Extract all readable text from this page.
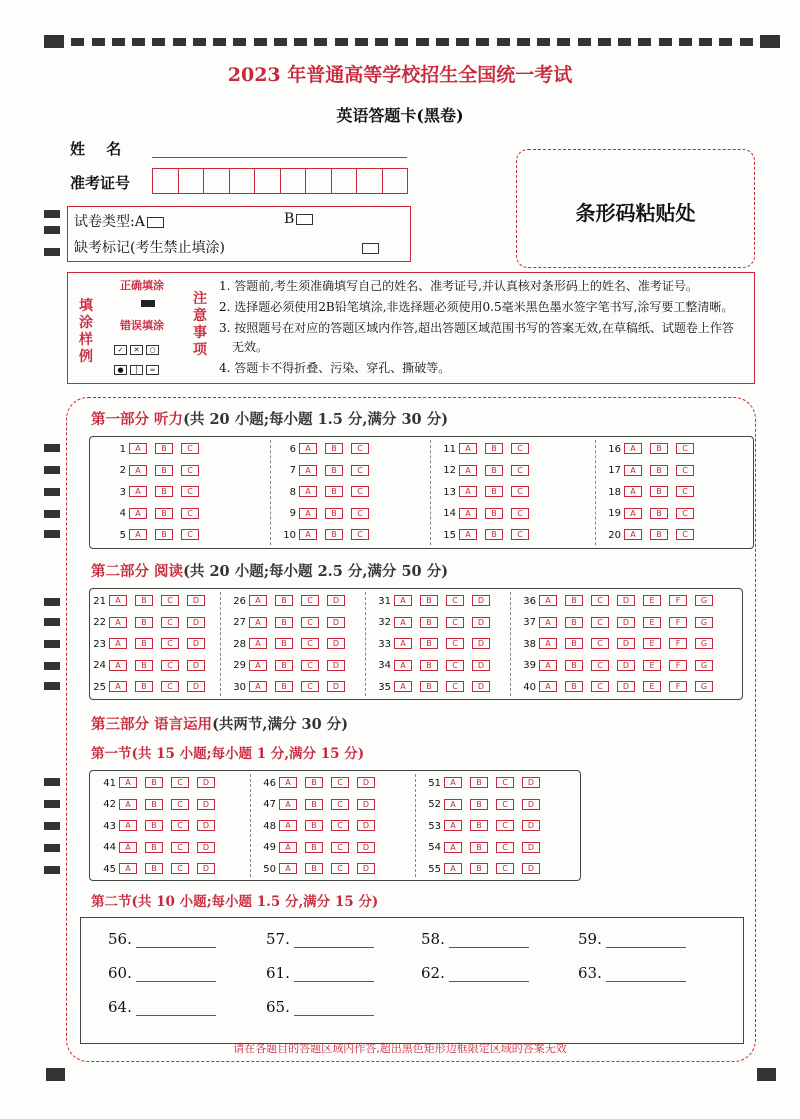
2023 年普通高等学校招生全国统一考试
英语答题卡(黑卷)
姓 名
准考证号
试卷类型:A	B
缺考标记(考生禁止填涂)
条形码粘贴处
填涂样例
正确填涂
错误填涂
✓ ✕ ○
● │ ═
注意事项
1. 答题前,考生须准确填写自己的姓名、准考证号,并认真核对条形码上的姓名、准考证号。
2. 选择题必须使用2B铅笔填涂,非选择题必须使用0.5毫米黑色墨水签字笔书写,涂写要工整清晰。
3. 按照题号在对应的答题区域内作答,超出答题区域范围书写的答案无效,在草稿纸、试题卷上作答
无效。
4. 答题卡不得折叠、污染、穿孔、撕破等。
第一部分 听力(共 20 小题;每小题 1.5 分,满分 30 分)
1 A	B	C
2 A	B	C
3 A	B	C
4 A	B	C
5 A	B	C
6 A	B	C
7 A	B	C
8 A	B	C
9 A	B	C
10 A	B	C
11 A	B	C
12 A	B	C
13 A	B	C
14 A	B	C
15 A	B	C
16 A	B	C
17 A	B	C
18 A	B	C
19 A	B	C
20 A	B	C
第二部分 阅读(共 20 小题;每小题 2.5 分,满分 50 分)
21 A	B	C	D
22 A	B	C	D
23 A	B	C	D
24 A	B	C	D
25 A	B	C	D
26 A	B	C	D
27 A	B	C	D
28 A	B	C	D
29 A	B	C	D
30 A	B	C	D
31 A	B	C	D
32 A	B	C	D
33 A	B	C	D
34 A	B	C	D
35 A	B	C	D
36 A	B	C	D	E	F	G
37 A	B	C	D	E	F	G
38 A	B	C	D	E	F	G
39 A	B	C	D	E	F	G
40 A	B	C	D	E	F	G
第三部分 语言运用(共两节,满分 30 分)
第一节(共 15 小题;每小题 1 分,满分 15 分)
41 A	B	C	D
42 A	B	C	D
43 A	B	C	D
44 A	B	C	D
45 A	B	C	D
46 A	B	C	D
47 A	B	C	D
48 A	B	C	D
49 A	B	C	D
50 A	B	C	D
51 A	B	C	D
52 A	B	C	D
53 A	B	C	D
54 A	B	C	D
55 A	B	C	D
第二节(共 10 小题;每小题 1.5 分,满分 15 分)
56.	57.	58.	59.
60.	61.	62.	63.
64.	65.
请在各题目的答题区域内作答,超出黑色矩形边框限定区域的答案无效
